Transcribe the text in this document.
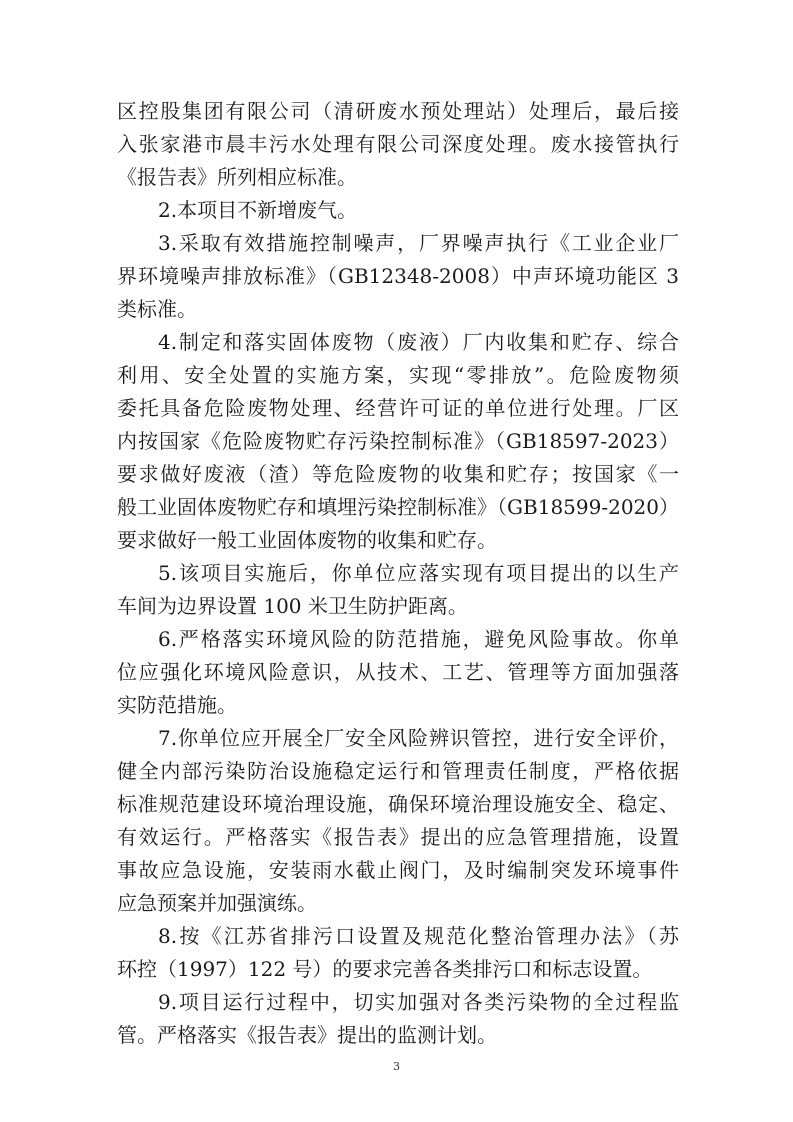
区控股集团有限公司（清研废水预处理站）处理后，最后接
入张家港市晨丰污水处理有限公司深度处理。废水接管执行
《报告表》所列相应标准。
2.本项目不新增废气。
3.采取有效措施控制噪声，厂界噪声执行《工业企业厂
界环境噪声排放标准》（GB12348-2008）中声环境功能区 3
类标准。
4.制定和落实固体废物（废液）厂内收集和贮存、综合
利用、安全处置的实施方案，实现“零排放”。危险废物须
委托具备危险废物处理、经营许可证的单位进行处理。厂区
内按国家《危险废物贮存污染控制标准》（GB18597-2023）
要求做好废液（渣）等危险废物的收集和贮存；按国家《一
般工业固体废物贮存和填埋污染控制标准》（GB18599-2020）
要求做好一般工业固体废物的收集和贮存。
5.该项目实施后，你单位应落实现有项目提出的以生产
车间为边界设置 100 米卫生防护距离。
6.严格落实环境风险的防范措施，避免风险事故。你单
位应强化环境风险意识，从技术、工艺、管理等方面加强落
实防范措施。
7.你单位应开展全厂安全风险辨识管控，进行安全评价，
健全内部污染防治设施稳定运行和管理责任制度，严格依据
标准规范建设环境治理设施，确保环境治理设施安全、稳定、
有效运行。严格落实《报告表》提出的应急管理措施，设置
事故应急设施，安装雨水截止阀门，及时编制突发环境事件
应急预案并加强演练。
8.按《江苏省排污口设置及规范化整治管理办法》（苏
3
环控（1997）122 号）的要求完善各类排污口和标志设置。
9.项目运行过程中，切实加强对各类污染物的全过程监
管。严格落实《报告表》提出的监测计划。
